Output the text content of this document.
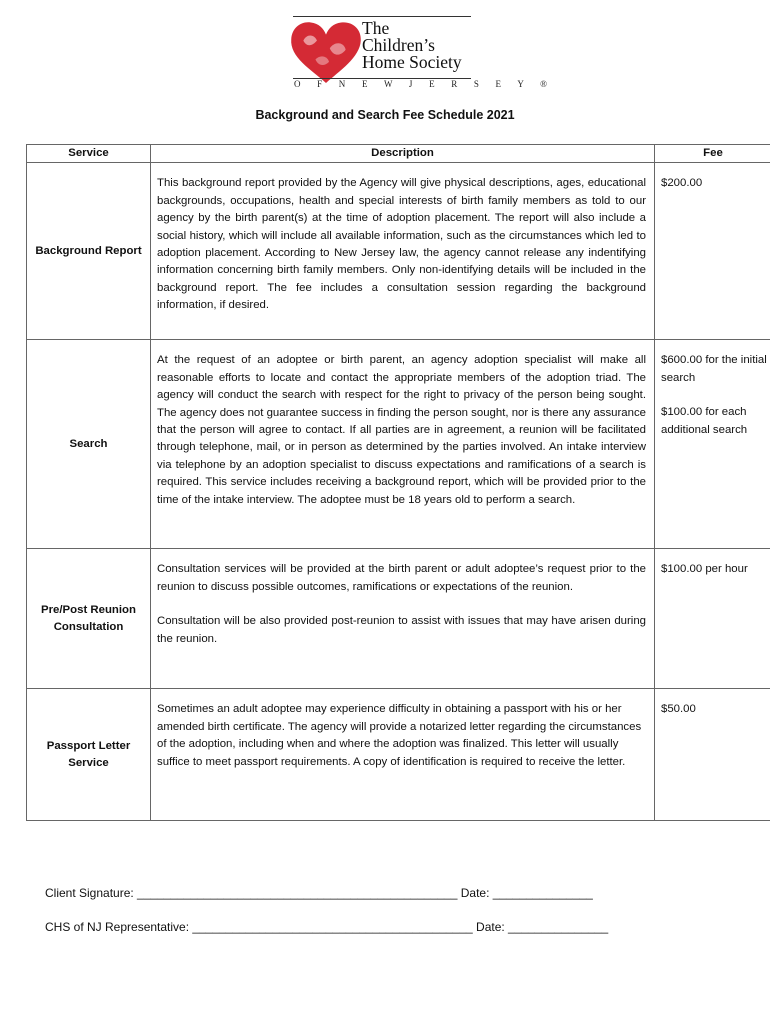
The
Children’s
Home Society
O F N E W J E R S E Y ®
Background and Search Fee Schedule 2021
Service	Description	Fee
Background Report	This background report provided by the Agency will give physical descriptions, ages, educational backgrounds, occupations, health and special interests of birth family members as told to our agency by the birth parent(s) at the time of adoption placement. The report will also include a social history, which will include all available information, such as the circumstances which led to adoption placement. According to New Jersey law, the agency cannot release any indentifying information concerning birth family members. Only non-identifying details will be included in the background report. The fee includes a consultation session regarding the background information, if desired.	$200.00

Search	At the request of an adoptee or birth parent, an agency adoption specialist will make all reasonable efforts to locate and contact the appropriate members of the adoption triad. The agency will conduct the search with respect for the right to privacy of the person being sought. The agency does not guarantee success in finding the person sought, nor is there any assurance that the person will agree to contact. If all parties are in agreement, a reunion will be facilitated through telephone, mail, or in person as determined by the parties involved. An intake interview via telephone by an adoption specialist to discuss expectations and ramifications of a search is required. This service includes receiving a background report, which will be provided prior to the time of the intake interview. The adoptee must be 18 years old to perform a search.	$600.00 for the initial search

$100.00 for each additional search

Pre/Post Reunion Consultation	Consultation services will be provided at the birth parent or adult adoptee’s request prior to the reunion to discuss possible outcomes, ramifications or expectations of the reunion.

Consultation will be also provided post-reunion to assist with issues that may have arisen during the reunion.	$100.00 per hour

Passport Letter Service	Sometimes an adult adoptee may experience difficulty in obtaining a passport with his or her amended birth certificate. The agency will provide a notarized letter regarding the circumstances of the adoption, including when and where the adoption was finalized. This letter will usually suffice to meet passport requirements. A copy of identification is required to receive the letter.	$50.00

Client Signature: ________________________________________________ Date: _______________
CHS of NJ Representative: __________________________________________ Date: _______________
